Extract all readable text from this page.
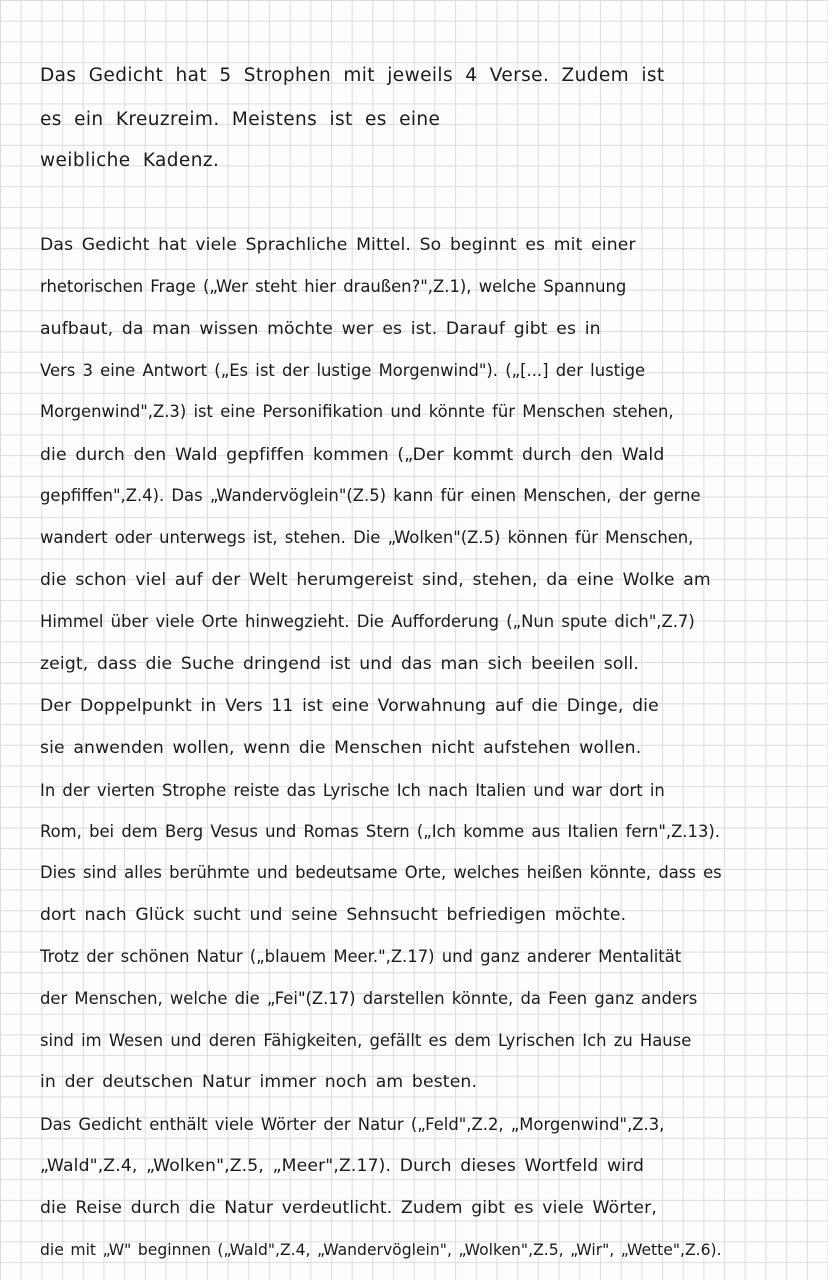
Das Gedicht hat 5 Strophen mit jeweils 4 Verse. Zudem ist
es ein Kreuzreim. Meistens ist es eine
weibliche Kadenz.
Das Gedicht hat viele Sprachliche Mittel. So beginnt es mit einer
rhetorischen Frage („Wer steht hier draußen?",Z.1), welche Spannung
aufbaut, da man wissen möchte wer es ist. Darauf gibt es in
Vers 3 eine Antwort („Es ist der lustige Morgenwind"). („[...] der lustige
Morgenwind",Z.3) ist eine Personifikation und könnte für Menschen stehen,
die durch den Wald gepfiffen kommen („Der kommt durch den Wald
gepfiffen",Z.4). Das „Wandervöglein"(Z.5) kann für einen Menschen, der gerne
wandert oder unterwegs ist, stehen. Die „Wolken"(Z.5) können für Menschen,
die schon viel auf der Welt herumgereist sind, stehen, da eine Wolke am
Himmel über viele Orte hinwegzieht. Die Aufforderung („Nun spute dich",Z.7)
zeigt, dass die Suche dringend ist und das man sich beeilen soll.
Der Doppelpunkt in Vers 11 ist eine Vorwahnung auf die Dinge, die
sie anwenden wollen, wenn die Menschen nicht aufstehen wollen.
In der vierten Strophe reiste das Lyrische Ich nach Italien und war dort in
Rom, bei dem Berg Vesus und Romas Stern („Ich komme aus Italien fern",Z.13).
Dies sind alles berühmte und bedeutsame Orte, welches heißen könnte, dass es
dort nach Glück sucht und seine Sehnsucht befriedigen möchte.
Trotz der schönen Natur („blauem Meer.",Z.17) und ganz anderer Mentalität
der Menschen, welche die „Fei"(Z.17) darstellen könnte, da Feen ganz anders
sind im Wesen und deren Fähigkeiten, gefällt es dem Lyrischen Ich zu Hause
in der deutschen Natur immer noch am besten.
Das Gedicht enthält viele Wörter der Natur („Feld",Z.2, „Morgenwind",Z.3,
„Wald",Z.4, „Wolken",Z.5, „Meer",Z.17). Durch dieses Wortfeld wird
die Reise durch die Natur verdeutlicht. Zudem gibt es viele Wörter,
die mit „W" beginnen („Wald",Z.4, „Wandervöglein", „Wolken",Z.5, „Wir", „Wette",Z.6).
